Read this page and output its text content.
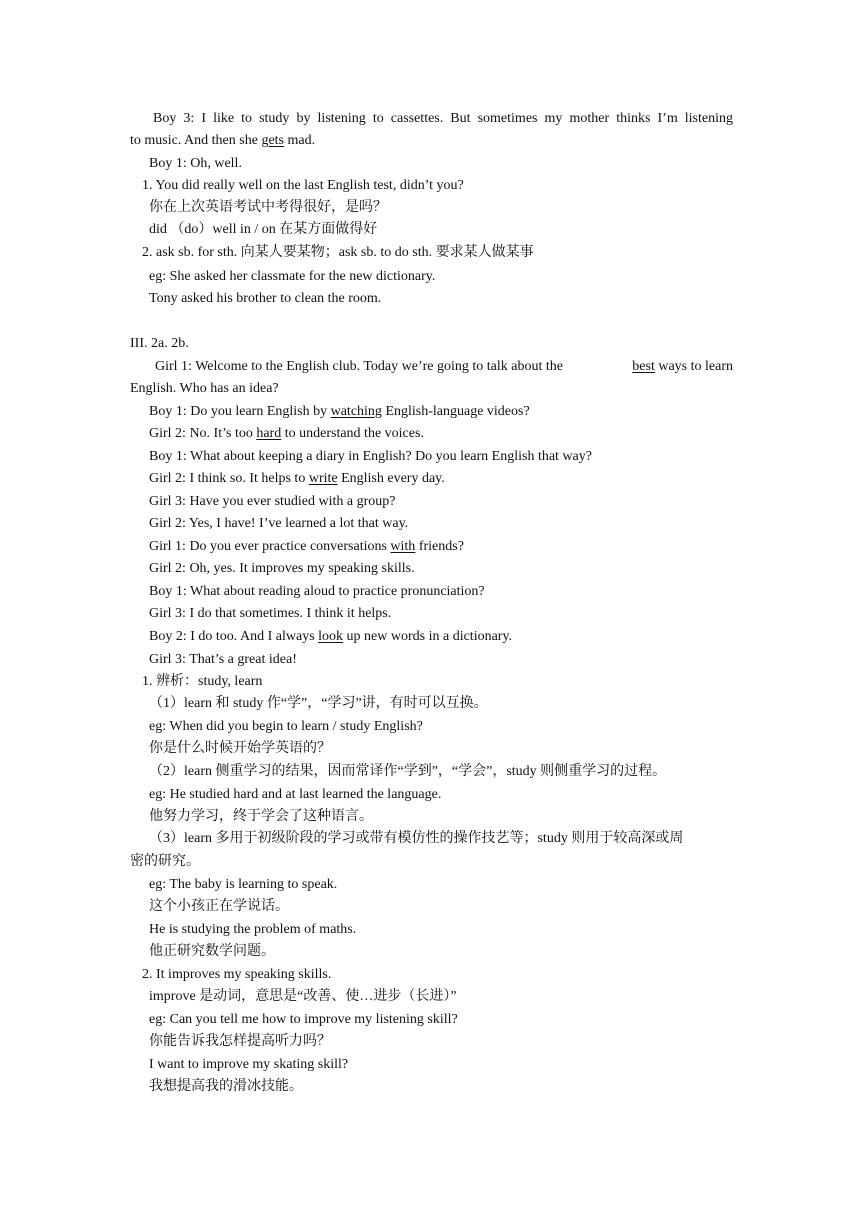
Boy 3: I like to study by listening to cassettes. But sometimes my mother thinks I’m listening
to music. And then she gets mad.
Boy 1: Oh, well.
1. You did really well on the last English test, didn’t you?
你在上次英语考试中考得很好，是吗？
did （do）well in / on 在某方面做得好
2. ask sb. for sth. 向某人要某物；ask sb. to do sth. 要求某人做某事
eg: She asked her classmate for the new dictionary.
Tony asked his brother to clean the room.
III. 2a. 2b.
Girl 1: Welcome to the English club. Today we’re going to talk about the	best ways to learn
English. Who has an idea?
Boy 1: Do you learn English by watching English-language videos?
Girl 2: No. It’s too hard to understand the voices.
Boy 1: What about keeping a diary in English? Do you learn English that way?
Girl 2: I think so. It helps to write English every day.
Girl 3: Have you ever studied with a group?
Girl 2: Yes, I have! I’ve learned a lot that way.
Girl 1: Do you ever practice conversations with friends?
Girl 2: Oh, yes. It improves my speaking skills.
Boy 1: What about reading aloud to practice pronunciation?
Girl 3: I do that sometimes. I think it helps.
Boy 2: I do too. And I always look up new words in a dictionary.
Girl 3: That’s a great idea!
1. 辨析：study, learn
（1）learn 和 study 作“学”，“学习”讲，有时可以互换。
eg: When did you begin to learn / study English?
你是什么时候开始学英语的？
（2）learn 侧重学习的结果，因而常译作“学到”，“学会”，study 则侧重学习的过程。
eg: He studied hard and at last learned the language.
他努力学习，终于学会了这种语言。
（3）learn 多用于初级阶段的学习或带有模仿性的操作技艺等；study 则用于较高深或周
密的研究。
eg: The baby is learning to speak.
这个小孩正在学说话。
He is studying the problem of maths.
他正研究数学问题。
2. It improves my speaking skills.
improve 是动词，意思是“改善、使…进步（长进）”
eg: Can you tell me how to improve my listening skill?
你能告诉我怎样提高听力吗？
I want to improve my skating skill?
我想提高我的滑冰技能。
